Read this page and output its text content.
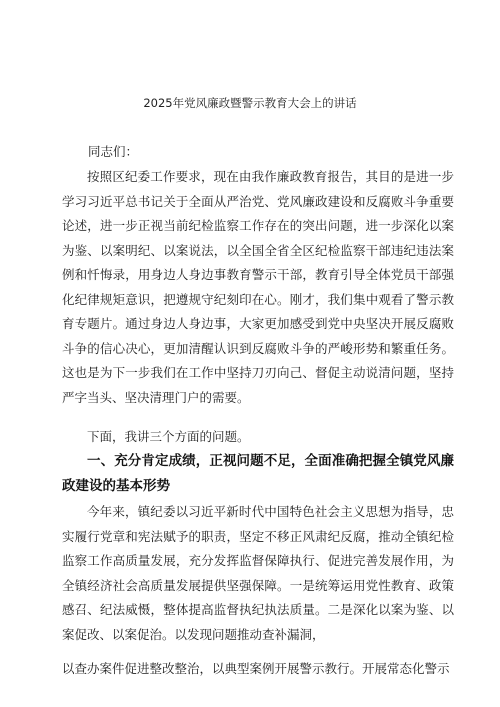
2025年党风廉政暨警示教育大会上的讲话

同志们：

按照区纪委工作要求，现在由我作廉政教育报告，其目的是进一步学习习近平总书记关于全面从严治党、党风廉政建设和反腐败斗争重要论述，进一步正视当前纪检监察工作存在的突出问题，进一步深化以案为鉴、以案明纪、以案说法，以全国全省全区纪检监察干部违纪违法案例和忏悔录，用身边人身边事教育警示干部，教育引导全体党员干部强化纪律规矩意识，把遵规守纪刻印在心。刚才，我们集中观看了警示教育专题片。通过身边人身边事，大家更加感受到党中央坚决开展反腐败斗争的信心决心，更加清醒认识到反腐败斗争的严峻形势和繁重任务。这也是为下一步我们在工作中坚持刀刃向己、督促主动说清问题，坚持严字当头、坚决清理门户的需要。

下面，我讲三个方面的问题。

一、充分肯定成绩，正视问题不足，全面准确把握全镇党风廉政建设的基本形势

今年来，镇纪委以习近平新时代中国特色社会主义思想为指导，忠实履行党章和宪法赋予的职责，坚定不移正风肃纪反腐，推动全镇纪检监察工作高质量发展，充分发挥监督保障执行、促进完善发展作用，为全镇经济社会高质量发展提供坚强保障。一是统筹运用党性教育、政策感召、纪法威慑，整体提高监督执纪执法质量。二是深化以案为鉴、以案促改、以案促治。以发现问题推动查补漏洞，

以查办案件促进整改整治，以典型案例开展警示教行。开展常态化警示
